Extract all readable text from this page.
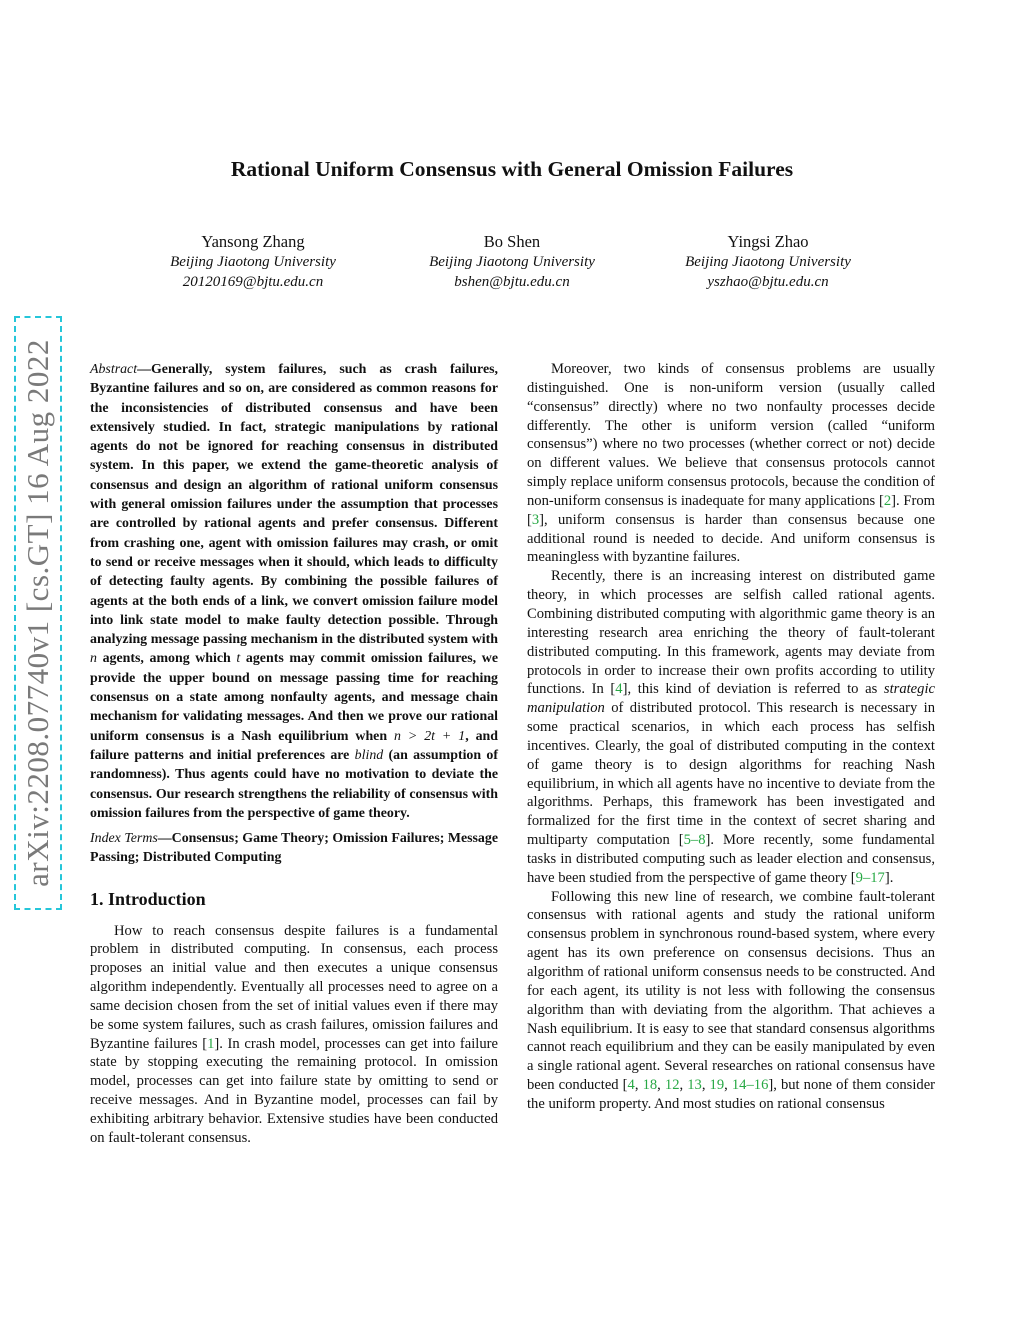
arXiv:2208.07740v1 [cs.GT] 16 Aug 2022
Rational Uniform Consensus with General Omission Failures
Yansong Zhang
Beijing Jiaotong University
20120169@bjtu.edu.cn
Bo Shen
Beijing Jiaotong University
bshen@bjtu.edu.cn
Yingsi Zhao
Beijing Jiaotong University
yszhao@bjtu.edu.cn

Abstract—Generally, system failures, such as crash failures, Byzantine failures and so on, are considered as common reasons for the inconsistencies of distributed consensus and have been extensively studied. In fact, strategic manipulations by rational agents do not be ignored for reaching consensus in distributed system. In this paper, we extend the game-theoretic analysis of consensus and design an algorithm of rational uniform consensus with general omission failures under the assumption that processes are controlled by rational agents and prefer consensus. Different from crashing one, agent with omission failures may crash, or omit to send or receive messages when it should, which leads to difficulty of detecting faulty agents. By combining the possible failures of agents at the both ends of a link, we convert omission failure model into link state model to make faulty detection possible. Through analyzing message passing mechanism in the distributed system with n agents, among which t agents may commit omission failures, we provide the upper bound on message passing time for reaching consensus on a state among nonfaulty agents, and message chain mechanism for validating messages. And then we prove our rational uniform consensus is a Nash equilibrium when n > 2t + 1, and failure patterns and initial preferences are blind (an assumption of randomness). Thus agents could have no motivation to deviate the consensus. Our research strengthens the reliability of consensus with omission failures from the perspective of game theory.

Index Terms—Consensus; Game Theory; Omission Failures; Message Passing; Distributed Computing

1. Introduction

How to reach consensus despite failures is a fundamental problem in distributed computing. In consensus, each process proposes an initial value and then executes a unique consensus algorithm independently. Eventually all processes need to agree on a same decision chosen from the set of initial values even if there may be some system failures, such as crash failures, omission failures and Byzantine failures [1]. In crash model, processes can get into failure state by stopping executing the remaining protocol. In omission model, processes can get into failure state by omitting to send or receive messages. And in Byzantine model, processes can fail by exhibiting arbitrary behavior. Extensive studies have been conducted on fault-tolerant consensus.

Moreover, two kinds of consensus problems are usually distinguished. One is non-uniform version (usually called “consensus” directly) where no two nonfaulty processes decide differently. The other is uniform version (called “uniform consensus”) where no two processes (whether correct or not) decide on different values. We believe that consensus protocols cannot simply replace uniform consensus protocols, because the condition of non-uniform consensus is inadequate for many applications [2]. From [3], uniform consensus is harder than consensus because one additional round is needed to decide. And uniform consensus is meaningless with byzantine failures.

Recently, there is an increasing interest on distributed game theory, in which processes are selfish called rational agents. Combining distributed computing with algorithmic game theory is an interesting research area enriching the theory of fault-tolerant distributed computing. In this framework, agents may deviate from protocols in order to increase their own profits according to utility functions. In [4], this kind of deviation is referred to as strategic manipulation of distributed protocol. This research is necessary in some practical scenarios, in which each process has selfish incentives. Clearly, the goal of distributed computing in the context of game theory is to design algorithms for reaching Nash equilibrium, in which all agents have no incentive to deviate from the algorithms. Perhaps, this framework has been investigated and formalized for the first time in the context of secret sharing and multiparty computation [5–8]. More recently, some fundamental tasks in distributed computing such as leader election and consensus, have been studied from the perspective of game theory [9–17].

Following this new line of research, we combine fault-tolerant consensus with rational agents and study the rational uniform consensus problem in synchronous round-based system, where every agent has its own preference on consensus decisions. Thus an algorithm of rational uniform consensus needs to be constructed. And for each agent, its utility is not less with following the consensus algorithm than with deviating from the algorithm. That achieves a Nash equilibrium. It is easy to see that standard consensus algorithms cannot reach equilibrium and they can be easily manipulated by even a single rational agent. Several researches on rational consensus have been conducted [4, 18, 12, 13, 19, 14–16], but none of them consider the uniform property. And most studies on rational consensus
